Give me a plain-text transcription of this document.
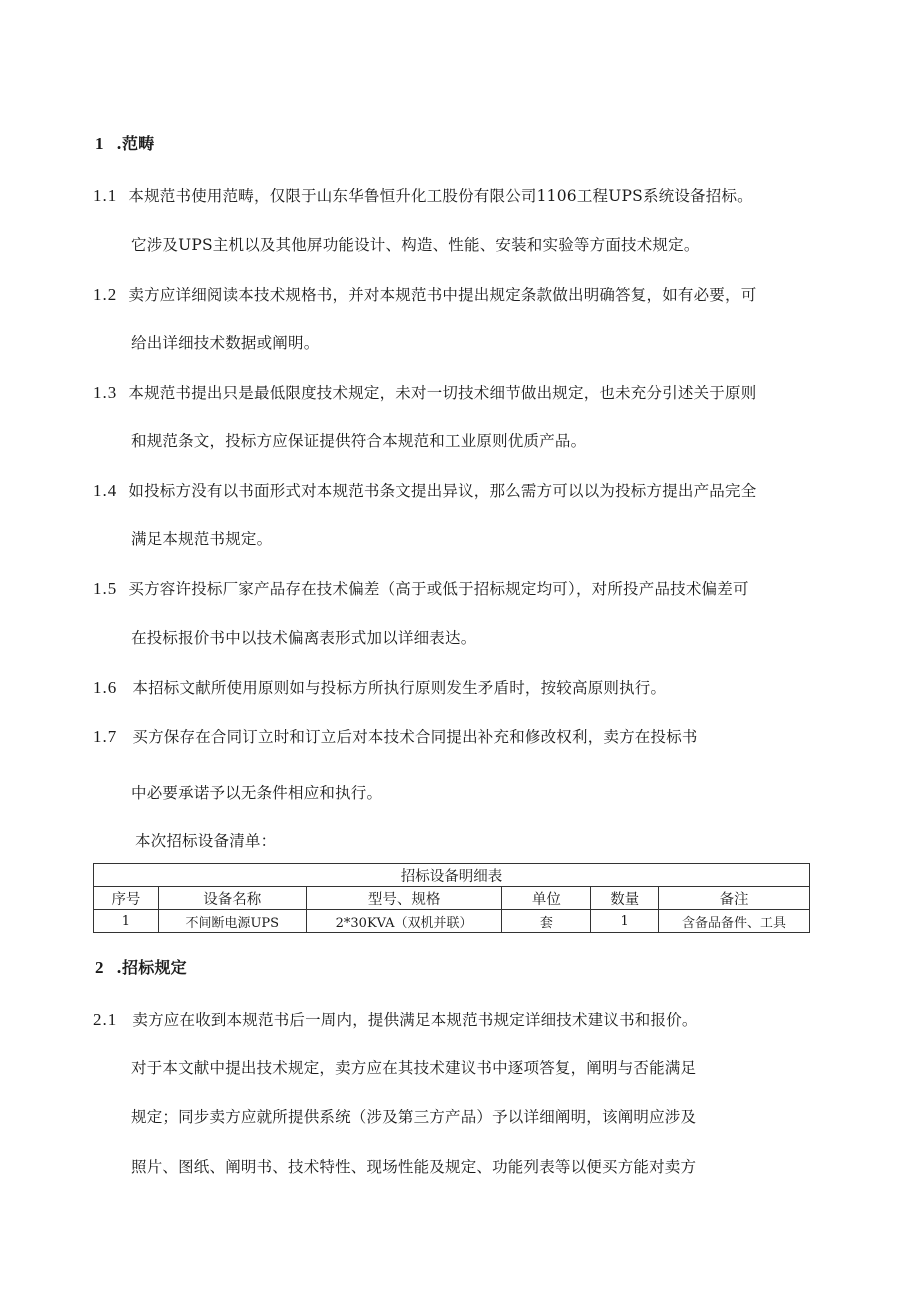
1 .范畴
1.1 本规范书使用范畴，仅限于山东华鲁恒升化工股份有限公司1106工程UPS系统设备招标。
它涉及UPS主机以及其他屏功能设计、构造、性能、安装和实验等方面技术规定。
1.2 卖方应详细阅读本技术规格书，并对本规范书中提出规定条款做出明确答复，如有必要，可
给出详细技术数据或阐明。
1.3 本规范书提出只是最低限度技术规定，未对一切技术细节做出规定，也未充分引述关于原则
和规范条文，投标方应保证提供符合本规范和工业原则优质产品。
1.4 如投标方没有以书面形式对本规范书条文提出异议，那么需方可以以为投标方提出产品完全
满足本规范书规定。
1.5 买方容许投标厂家产品存在技术偏差（高于或低于招标规定均可），对所投产品技术偏差可
在投标报价书中以技术偏离表形式加以详细表达。
1.6 本招标文献所使用原则如与投标方所执行原则发生矛盾时，按较高原则执行。
1.7 买方保存在合同订立时和订立后对本技术合同提出补充和修改权利，卖方在投标书
中必要承诺予以无条件相应和执行。
本次招标设备清单：
招标设备明细表					
序号	设备名称	型号、规格	单位	数量	备注
1	不间断电源UPS	2*30KVA（双机并联）	套	1	含备品备件、工具
2 .招标规定
2.1 卖方应在收到本规范书后一周内，提供满足本规范书规定详细技术建议书和报价。
对于本文献中提出技术规定，卖方应在其技术建议书中逐项答复，阐明与否能满足
规定；同步卖方应就所提供系统（涉及第三方产品）予以详细阐明，该阐明应涉及
照片、图纸、阐明书、技术特性、现场性能及规定、功能列表等以便买方能对卖方
